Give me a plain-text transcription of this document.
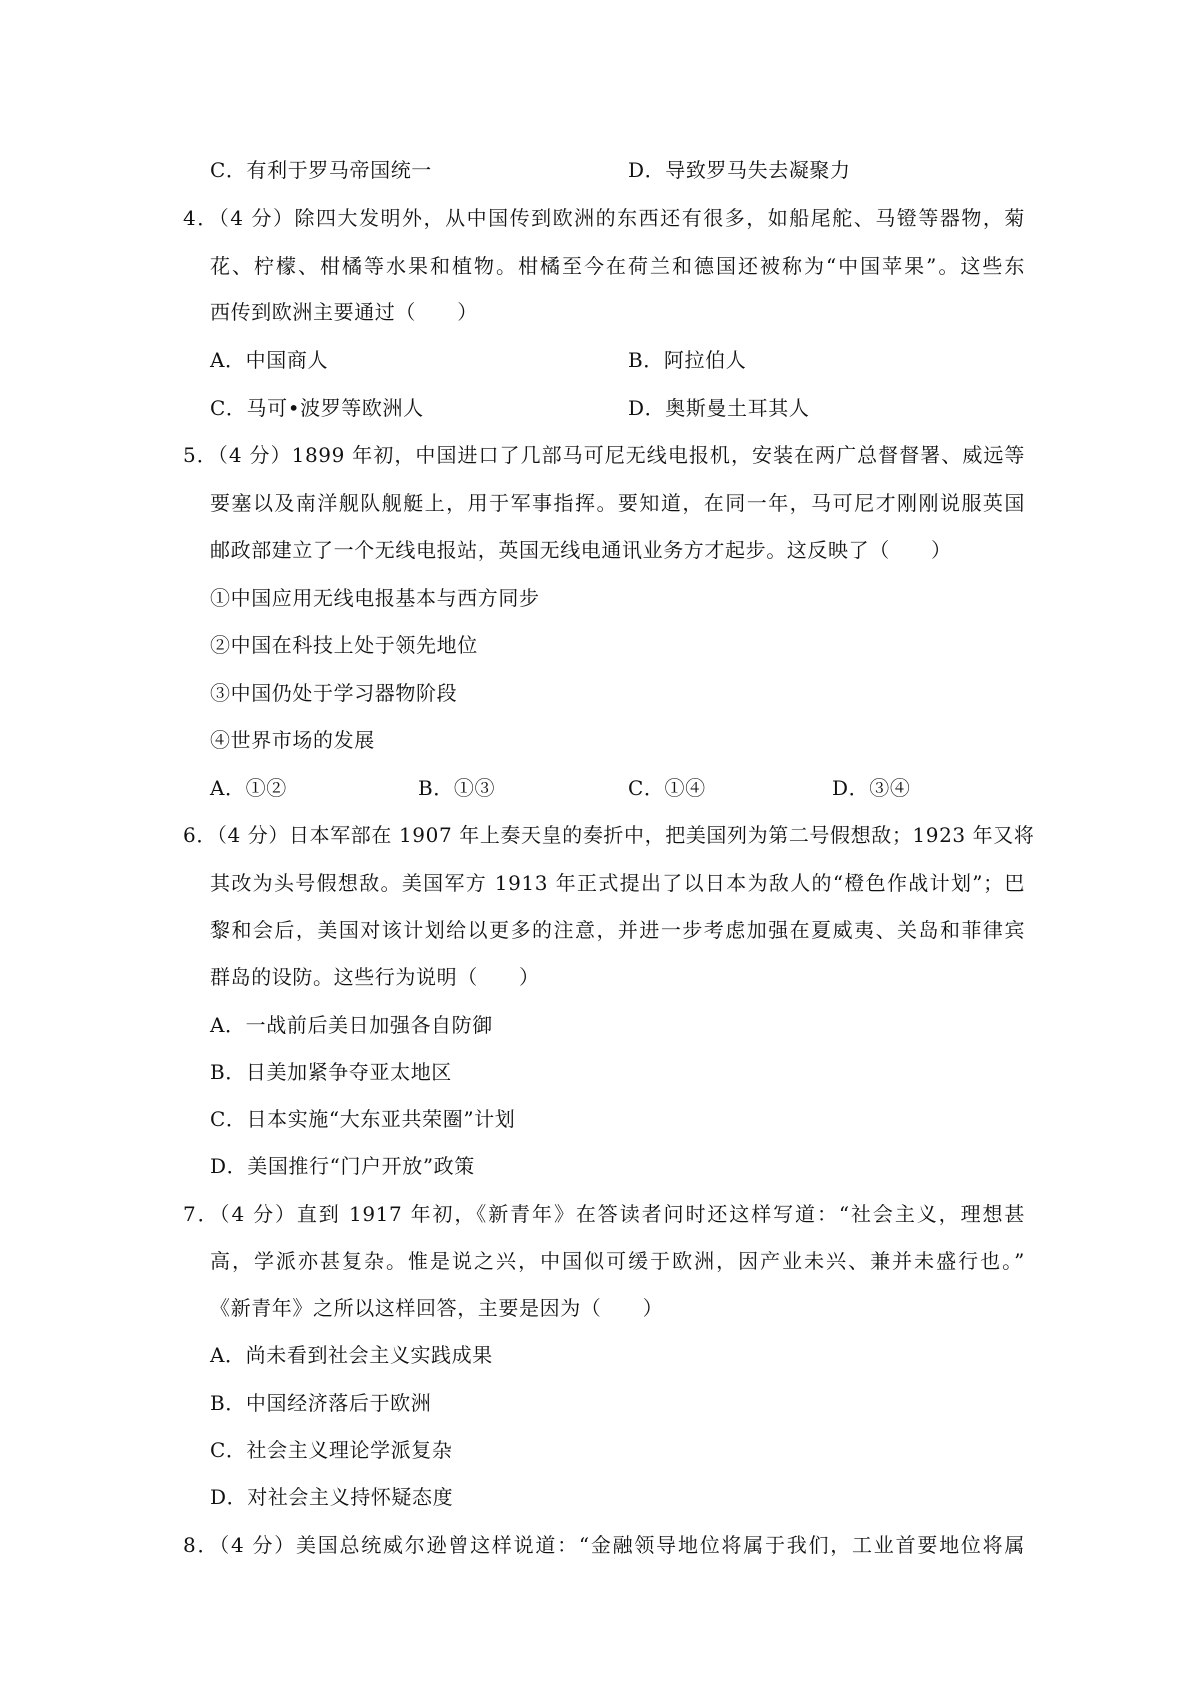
C．有利于罗马帝国统一	D．导致罗马失去凝聚力
4．（4 分）除四大发明外，从中国传到欧洲的东西还有很多，如船尾舵、马镫等器物，菊
花、柠檬、柑橘等水果和植物。柑橘至今在荷兰和德国还被称为“中国苹果”。这些东
西传到欧洲主要通过（　　）
A．中国商人	B．阿拉伯人
C．马可•波罗等欧洲人	D．奥斯曼土耳其人
5．（4 分）1899 年初，中国进口了几部马可尼无线电报机，安装在两广总督督署、威远等
要塞以及南洋舰队舰艇上，用于军事指挥。要知道，在同一年，马可尼才刚刚说服英国
邮政部建立了一个无线电报站，英国无线电通讯业务方才起步。这反映了（　　）
①中国应用无线电报基本与西方同步
②中国在科技上处于领先地位
③中国仍处于学习器物阶段
④世界市场的发展
A．①②	B．①③	C．①④	D．③④
6．（4 分）日本军部在 1907 年上奏天皇的奏折中，把美国列为第二号假想敌；1923 年又将
其改为头号假想敌。美国军方 1913 年正式提出了以日本为敌人的“橙色作战计划”；巴
黎和会后，美国对该计划给以更多的注意，并进一步考虑加强在夏威夷、关岛和菲律宾
群岛的设防。这些行为说明（　　）
A．一战前后美日加强各自防御
B．日美加紧争夺亚太地区
C．日本实施“大东亚共荣圈”计划
D．美国推行“门户开放”政策
7．（4 分）直到 1917 年初，《新青年》在答读者问时还这样写道：“社会主义，理想甚
高，学派亦甚复杂。惟是说之兴，中国似可缓于欧洲，因产业未兴、兼并未盛行也。”
《新青年》之所以这样回答，主要是因为（　　）
A．尚未看到社会主义实践成果
B．中国经济落后于欧洲
C．社会主义理论学派复杂
D．对社会主义持怀疑态度
8．（4 分）美国总统威尔逊曾这样说道：“金融领导地位将属于我们，工业首要地位将属
